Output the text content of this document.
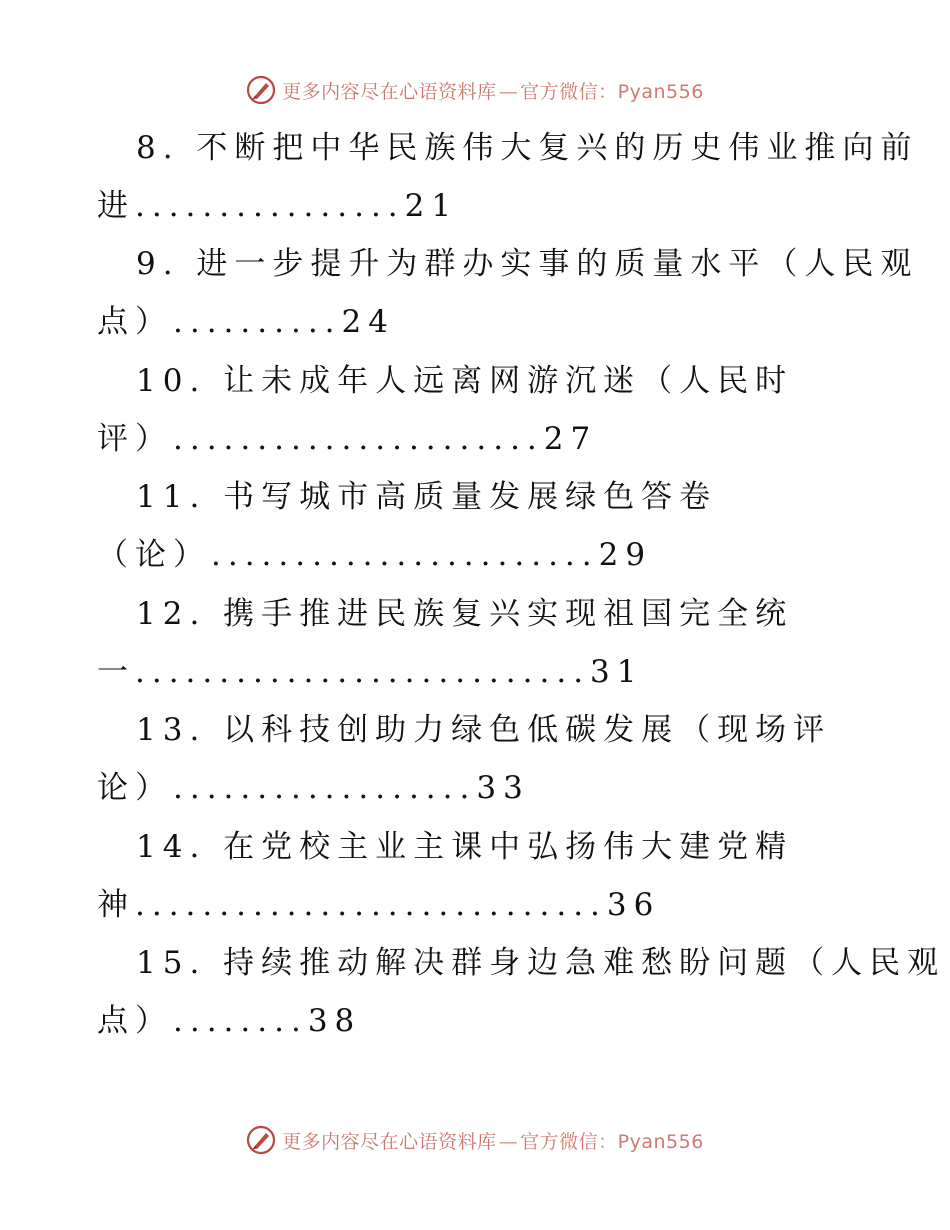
更多内容尽在心语资料库 — 官方微信：Pyan556
8. 不断把中华民族伟大复兴的历史伟业推向前
进................21
9. 进一步提升为群办实事的质量水平（人民观
点）..........24
10. 让未成年人远离网游沉迷（人民时
评）......................27
11. 书写城市高质量发展绿色答卷
（论）.......................29
12. 携手推进民族复兴实现祖国完全统
一...........................31
13. 以科技创助力绿色低碳发展（现场评
论）..................33
14. 在党校主业主课中弘扬伟大建党精
神............................36
15. 持续推动解决群身边急难愁盼问题（人民观
点）........38
更多内容尽在心语资料库 — 官方微信：Pyan556
